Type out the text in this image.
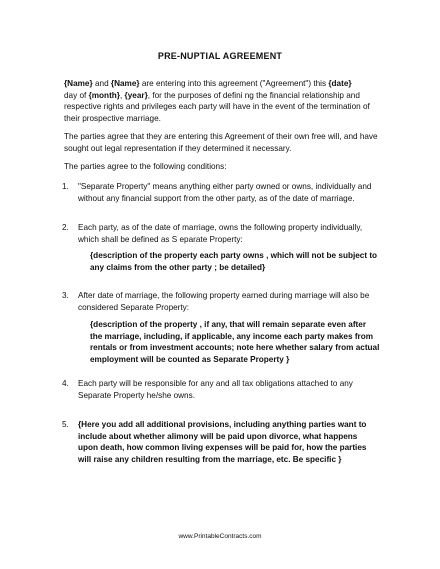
PRE-NUPTIAL AGREEMENT
{Name} and {Name} are entering into this agreement ("Agreement") this {date}
day of {month}, {year}, for the purposes of defini ng the financial relationship and respective rights and privileges each party will have in the event of the termination of their prospective marriage.
The parties agree that they are entering this Agreement of their own free will, and have sought out legal representation if they determined it necessary.
The parties agree to the following conditions:
1. "Separate Property" means anything either party owned or owns, individually and without any financial support from the other party, as of the date of marriage.
2. Each party, as of the date of marriage, owns the following property individually, which shall be defined as S eparate Property:
{description of the property each party owns , which will not be subject to any claims from the other party ; be detailed}
3. After date of marriage, the following property earned during marriage will also be considered Separate Property:
{description of the property , if any, that will remain separate even after the marriage, including, if applicable, any income each party makes from rentals or from investment accounts; note here whether salary from actual employment will be counted as Separate Property }
4. Each party will be responsible for any and all tax obligations attached to any Separate Property he/she owns.
5. {Here you add all additional provisions, including anything parties want to include about whether alimony will be paid upon divorce, what happens upon death, how common living expenses will be paid for, how the parties will raise any children resulting from the marriage, etc. Be specific }
www.PrintableContracts.com
